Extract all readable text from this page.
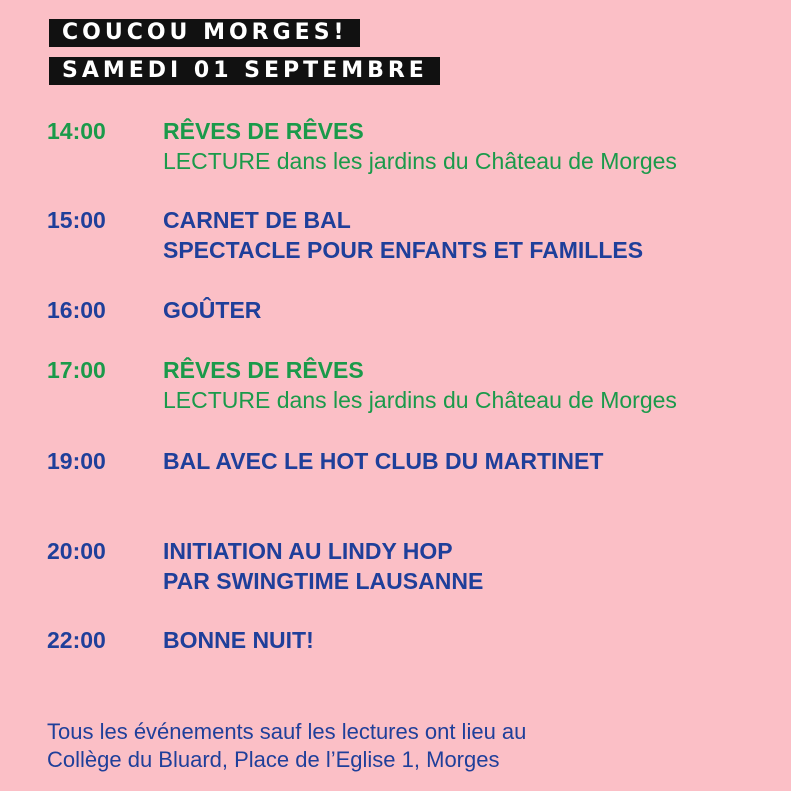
COUCOU MORGES!
SAMEDI 01 SEPTEMBRE
14:00 RÊVES DE RÊVES
LECTURE dans les jardins du Château de Morges
15:00 CARNET DE BAL
SPECTACLE POUR ENFANTS ET FAMILLES
16:00 GOÛTER
17:00 RÊVES DE RÊVES
LECTURE dans les jardins du Château de Morges
19:00 BAL AVEC LE HOT CLUB DU MARTINET
20:00 INITIATION AU LINDY HOP
PAR SWINGTIME LAUSANNE
22:00 BONNE NUIT!
Tous les événements sauf les lectures ont lieu au
Collège du Bluard, Place de l’Eglise 1, Morges
